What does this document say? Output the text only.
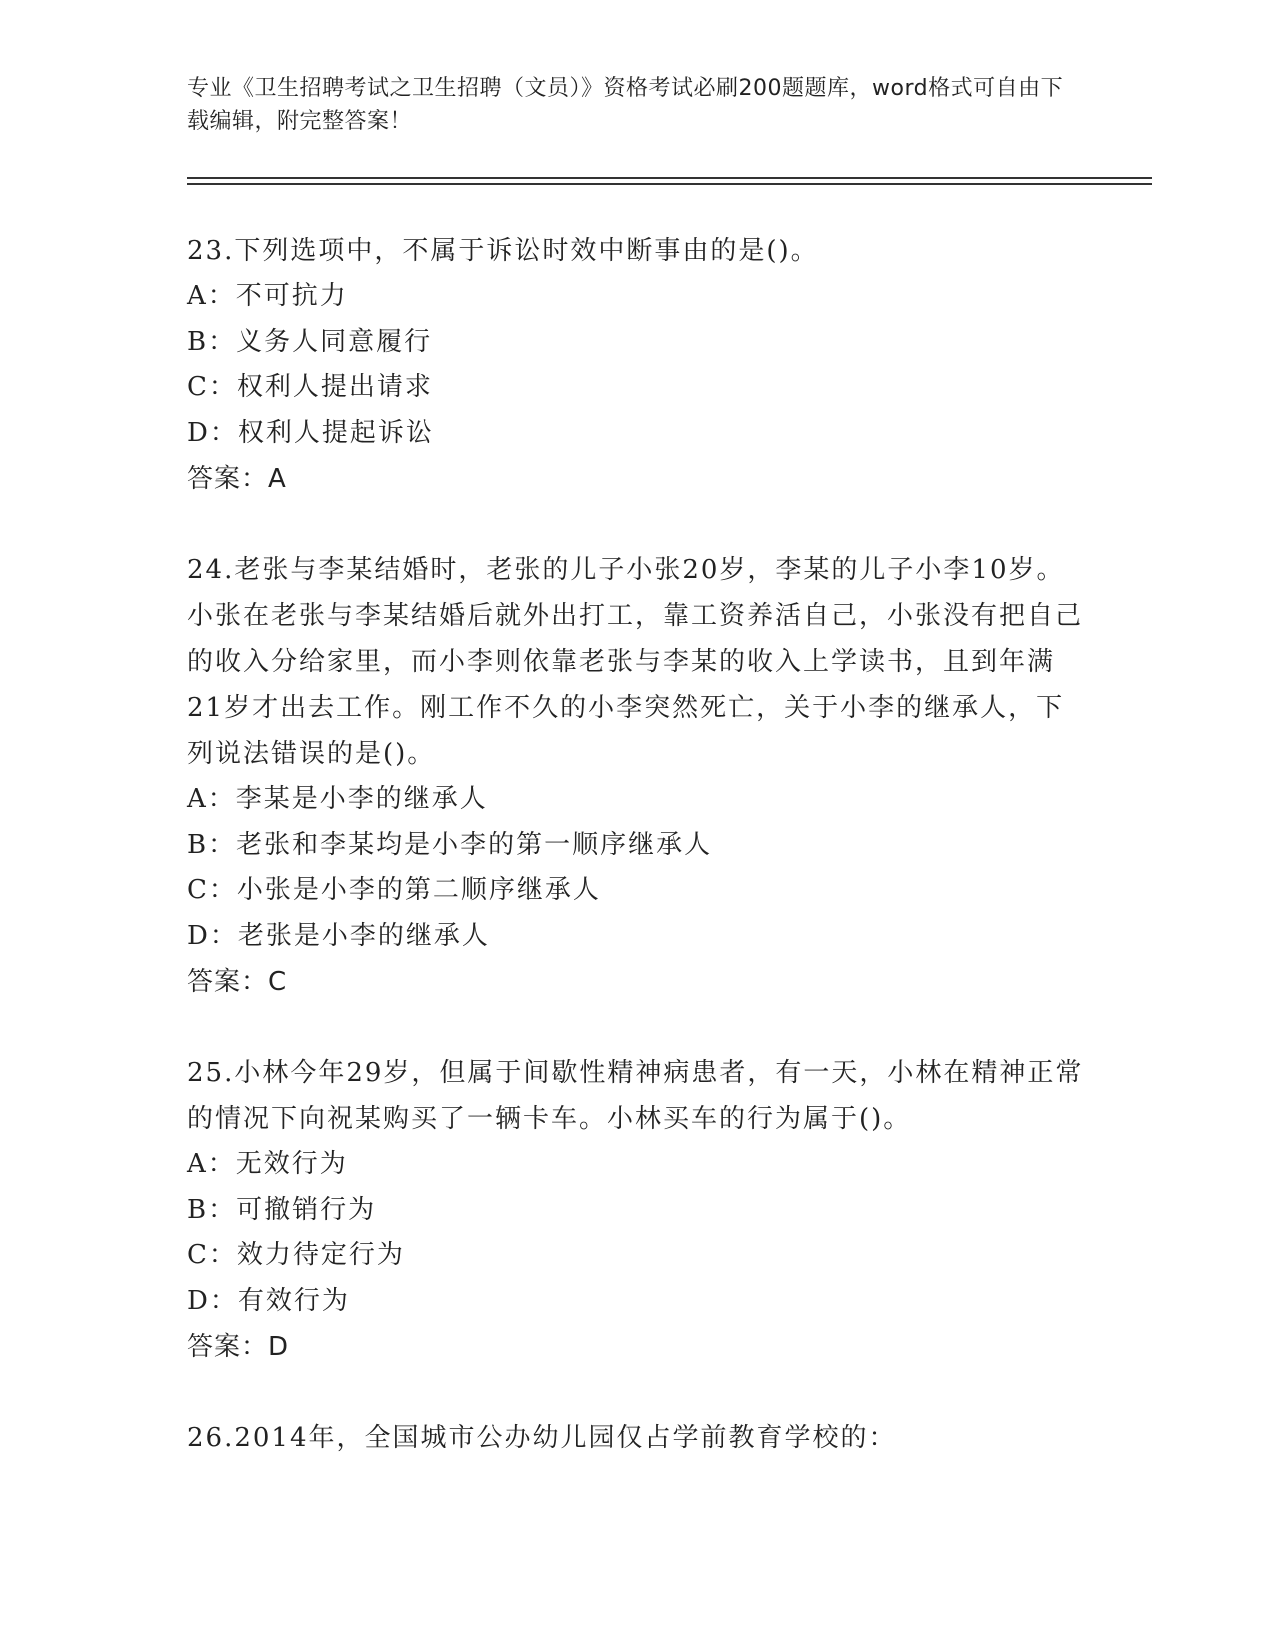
专业《卫生招聘考试之卫生招聘（文员）》资格考试必刷200题题库，word格式可自由下载编辑，附完整答案！
23.下列选项中，不属于诉讼时效中断事由的是()。
A：不可抗力
B：义务人同意履行
C：权利人提出请求
D：权利人提起诉讼
答案：A
24.老张与李某结婚时，老张的儿子小张20岁，李某的儿子小李10岁。小张在老张与李某结婚后就外出打工，靠工资养活自己，小张没有把自己的收入分给家里，而小李则依靠老张与李某的收入上学读书，且到年满21岁才出去工作。刚工作不久的小李突然死亡，关于小李的继承人，下列说法错误的是()。
A：李某是小李的继承人
B：老张和李某均是小李的第一顺序继承人
C：小张是小李的第二顺序继承人
D：老张是小李的继承人
答案：C
25.小林今年29岁，但属于间歇性精神病患者，有一天，小林在精神正常的情况下向祝某购买了一辆卡车。小林买车的行为属于()。
A：无效行为
B：可撤销行为
C：效力待定行为
D：有效行为
答案：D
26.2014年，全国城市公办幼儿园仅占学前教育学校的：
